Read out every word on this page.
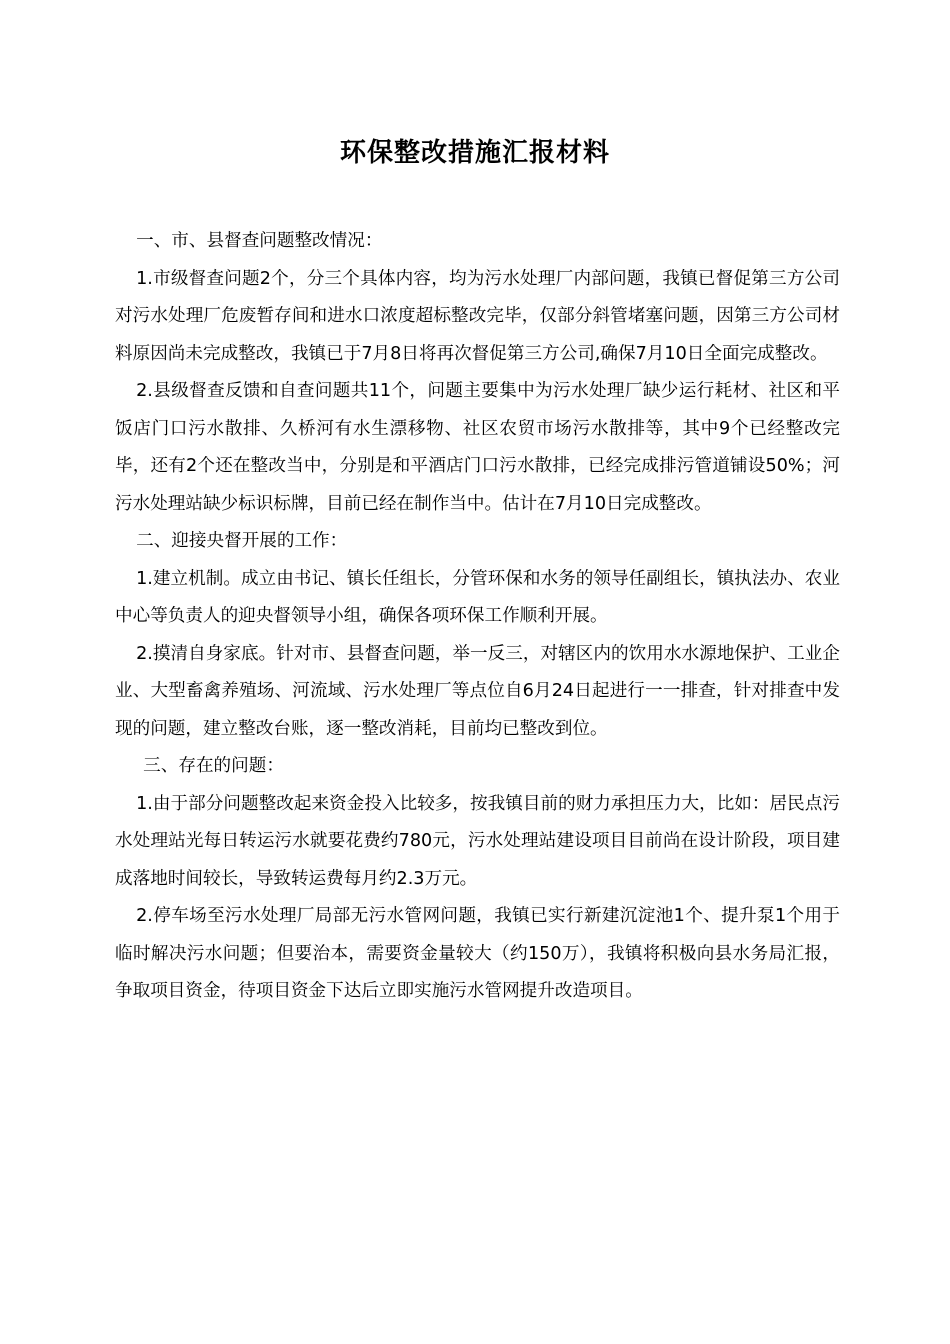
环保整改措施汇报材料

一、市、县督查问题整改情况：

1.市级督查问题2个，分三个具体内容，均为污水处理厂内部问题，我镇已督促第三方公司对污水处理厂危废暂存间和进水口浓度超标整改完毕，仅部分斜管堵塞问题，因第三方公司材料原因尚未完成整改，我镇已于7月8日将再次督促第三方公司,确保7月10日全面完成整改。

2.县级督查反馈和自查问题共11个，问题主要集中为污水处理厂缺少运行耗材、社区和平饭店门口污水散排、久桥河有水生漂移物、社区农贸市场污水散排等，其中9个已经整改完毕，还有2个还在整改当中，分别是和平酒店门口污水散排，已经完成排污管道铺设50%；河污水处理站缺少标识标牌，目前已经在制作当中。估计在7月10日完成整改。

二、迎接央督开展的工作：

1.建立机制。成立由书记、镇长任组长，分管环保和水务的领导任副组长，镇执法办、农业中心等负责人的迎央督领导小组，确保各项环保工作顺利开展。

2.摸清自身家底。针对市、县督查问题，举一反三，对辖区内的饮用水水源地保护、工业企业、大型畜禽养殖场、河流域、污水处理厂等点位自6月24日起进行一一排查，针对排查中发现的问题，建立整改台账，逐一整改消耗，目前均已整改到位。

三、存在的问题：

1.由于部分问题整改起来资金投入比较多，按我镇目前的财力承担压力大，比如：居民点污水处理站光每日转运污水就要花费约780元，污水处理站建设项目目前尚在设计阶段，项目建成落地时间较长，导致转运费每月约2.3万元。

2.停车场至污水处理厂局部无污水管网问题，我镇已实行新建沉淀池1个、提升泵1个用于临时解决污水问题；但要治本，需要资金量较大（约150万），我镇将积极向县水务局汇报，争取项目资金，待项目资金下达后立即实施污水管网提升改造项目。
